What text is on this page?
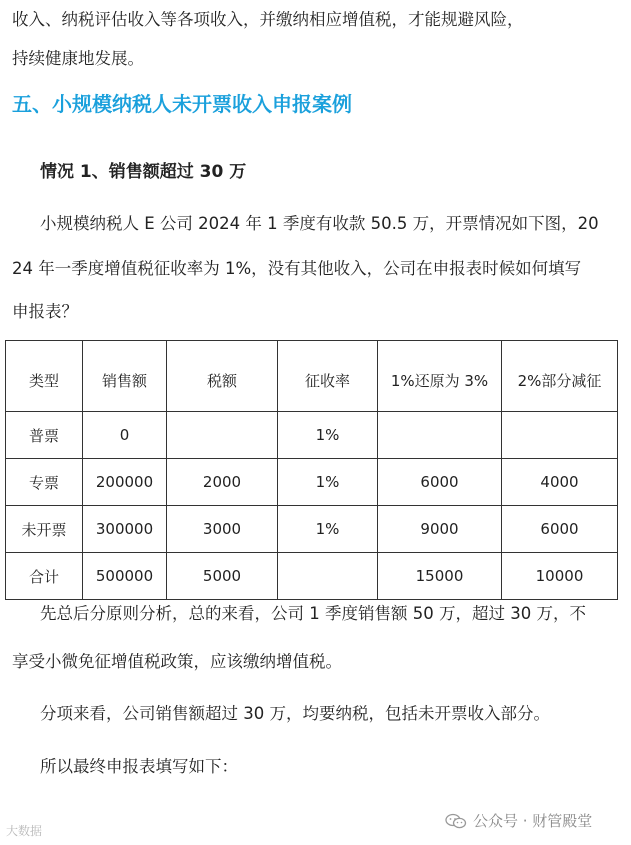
收入、纳税评估收入等各项收入，并缴纳相应增值税，才能规避风险，
持续健康地发展。
五、小规模纳税人未开票收入申报案例
情况 1、销售额超过 30 万
小规模纳税人 E 公司 2024 年 1 季度有收款 50.5 万，开票情况如下图，20
24 年一季度增值税征收率为 1%，没有其他收入，公司在申报表时候如何填写
申报表？
类型	销售额	税额	征收率	1%还原为 3%	2%部分减征
普票	0		1%		
专票	200000	2000	1%	6000	4000
未开票	300000	3000	1%	9000	6000
合计	500000	5000		15000	10000
先总后分原则分析，总的来看，公司 1 季度销售额 50 万，超过 30 万，不
享受小微免征增值税政策，应该缴纳增值税。
分项来看，公司销售额超过 30 万，均要纳税，包括未开票收入部分。
所以最终申报表填写如下：
大数据
公众号 · 财管殿堂
